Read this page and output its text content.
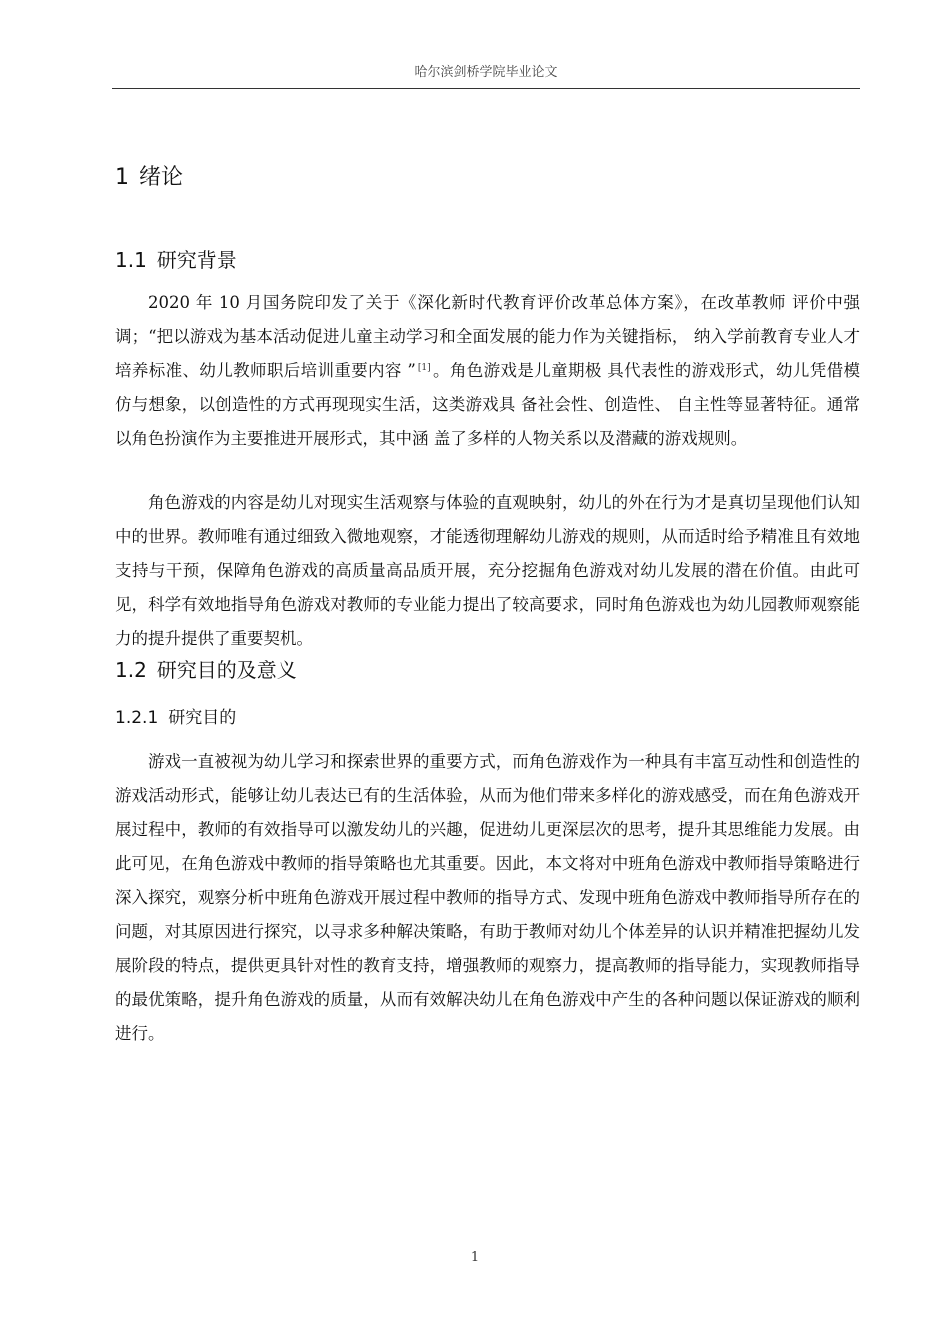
哈尔滨剑桥学院毕业论文
1 绪论
1.1 研究背景

2020 年 10 月国务院印发了关于《深化新时代教育评价改革总体方案》，在改革教师 评价中强调；“把以游戏为基本活动促进儿童主动学习和全面发展的能力作为关键指标， 纳入学前教育专业人才培养标准、幼儿教师职后培训重要内容 ” [1] 。角色游戏是儿童期极 具代表性的游戏形式，幼儿凭借模仿与想象，以创造性的方式再现现实生活，这类游戏具 备社会性、创造性、 自主性等显著特征。通常以角色扮演作为主要推进开展形式，其中涵 盖了多样的人物关系以及潜藏的游戏规则。

角色游戏的内容是幼儿对现实生活观察与体验的直观映射，幼儿的外在行为才是真切呈现他们认知中的世界。教师唯有通过细致入微地观察，才能透彻理解幼儿游戏的规则，从而适时给予精准且有效地支持与干预，保障角色游戏的高质量高品质开展，充分挖掘角色游戏对幼儿发展的潜在价值。由此可见，科学有效地指导角色游戏对教师的专业能力提出了较高要求，同时角色游戏也为幼儿园教师观察能力的提升提供了重要契机。

1.2 研究目的及意义
1.2.1 研究目的

游戏一直被视为幼儿学习和探索世界的重要方式，而角色游戏作为一种具有丰富互动性和创造性的游戏活动形式，能够让幼儿表达已有的生活体验，从而为他们带来多样化的游戏感受，而在角色游戏开展过程中，教师的有效指导可以激发幼儿的兴趣，促进幼儿更深层次的思考，提升其思维能力发展。由此可见，在角色游戏中教师的指导策略也尤其重要。因此，本文将对中班角色游戏中教师指导策略进行深入探究，观察分析中班角色游戏开展过程中教师的指导方式、发现中班角色游戏中教师指导所存在的问题，对其原因进行探究，以寻求多种解决策略，有助于教师对幼儿个体差异的认识并精准把握幼儿发展阶段的特点，提供更具针对性的教育支持，增强教师的观察力，提高教师的指导能力，实现教师指导的最优策略，提升角色游戏的质量，从而有效解决幼儿在角色游戏中产生的各种问题以保证游戏的顺利进行。

1
